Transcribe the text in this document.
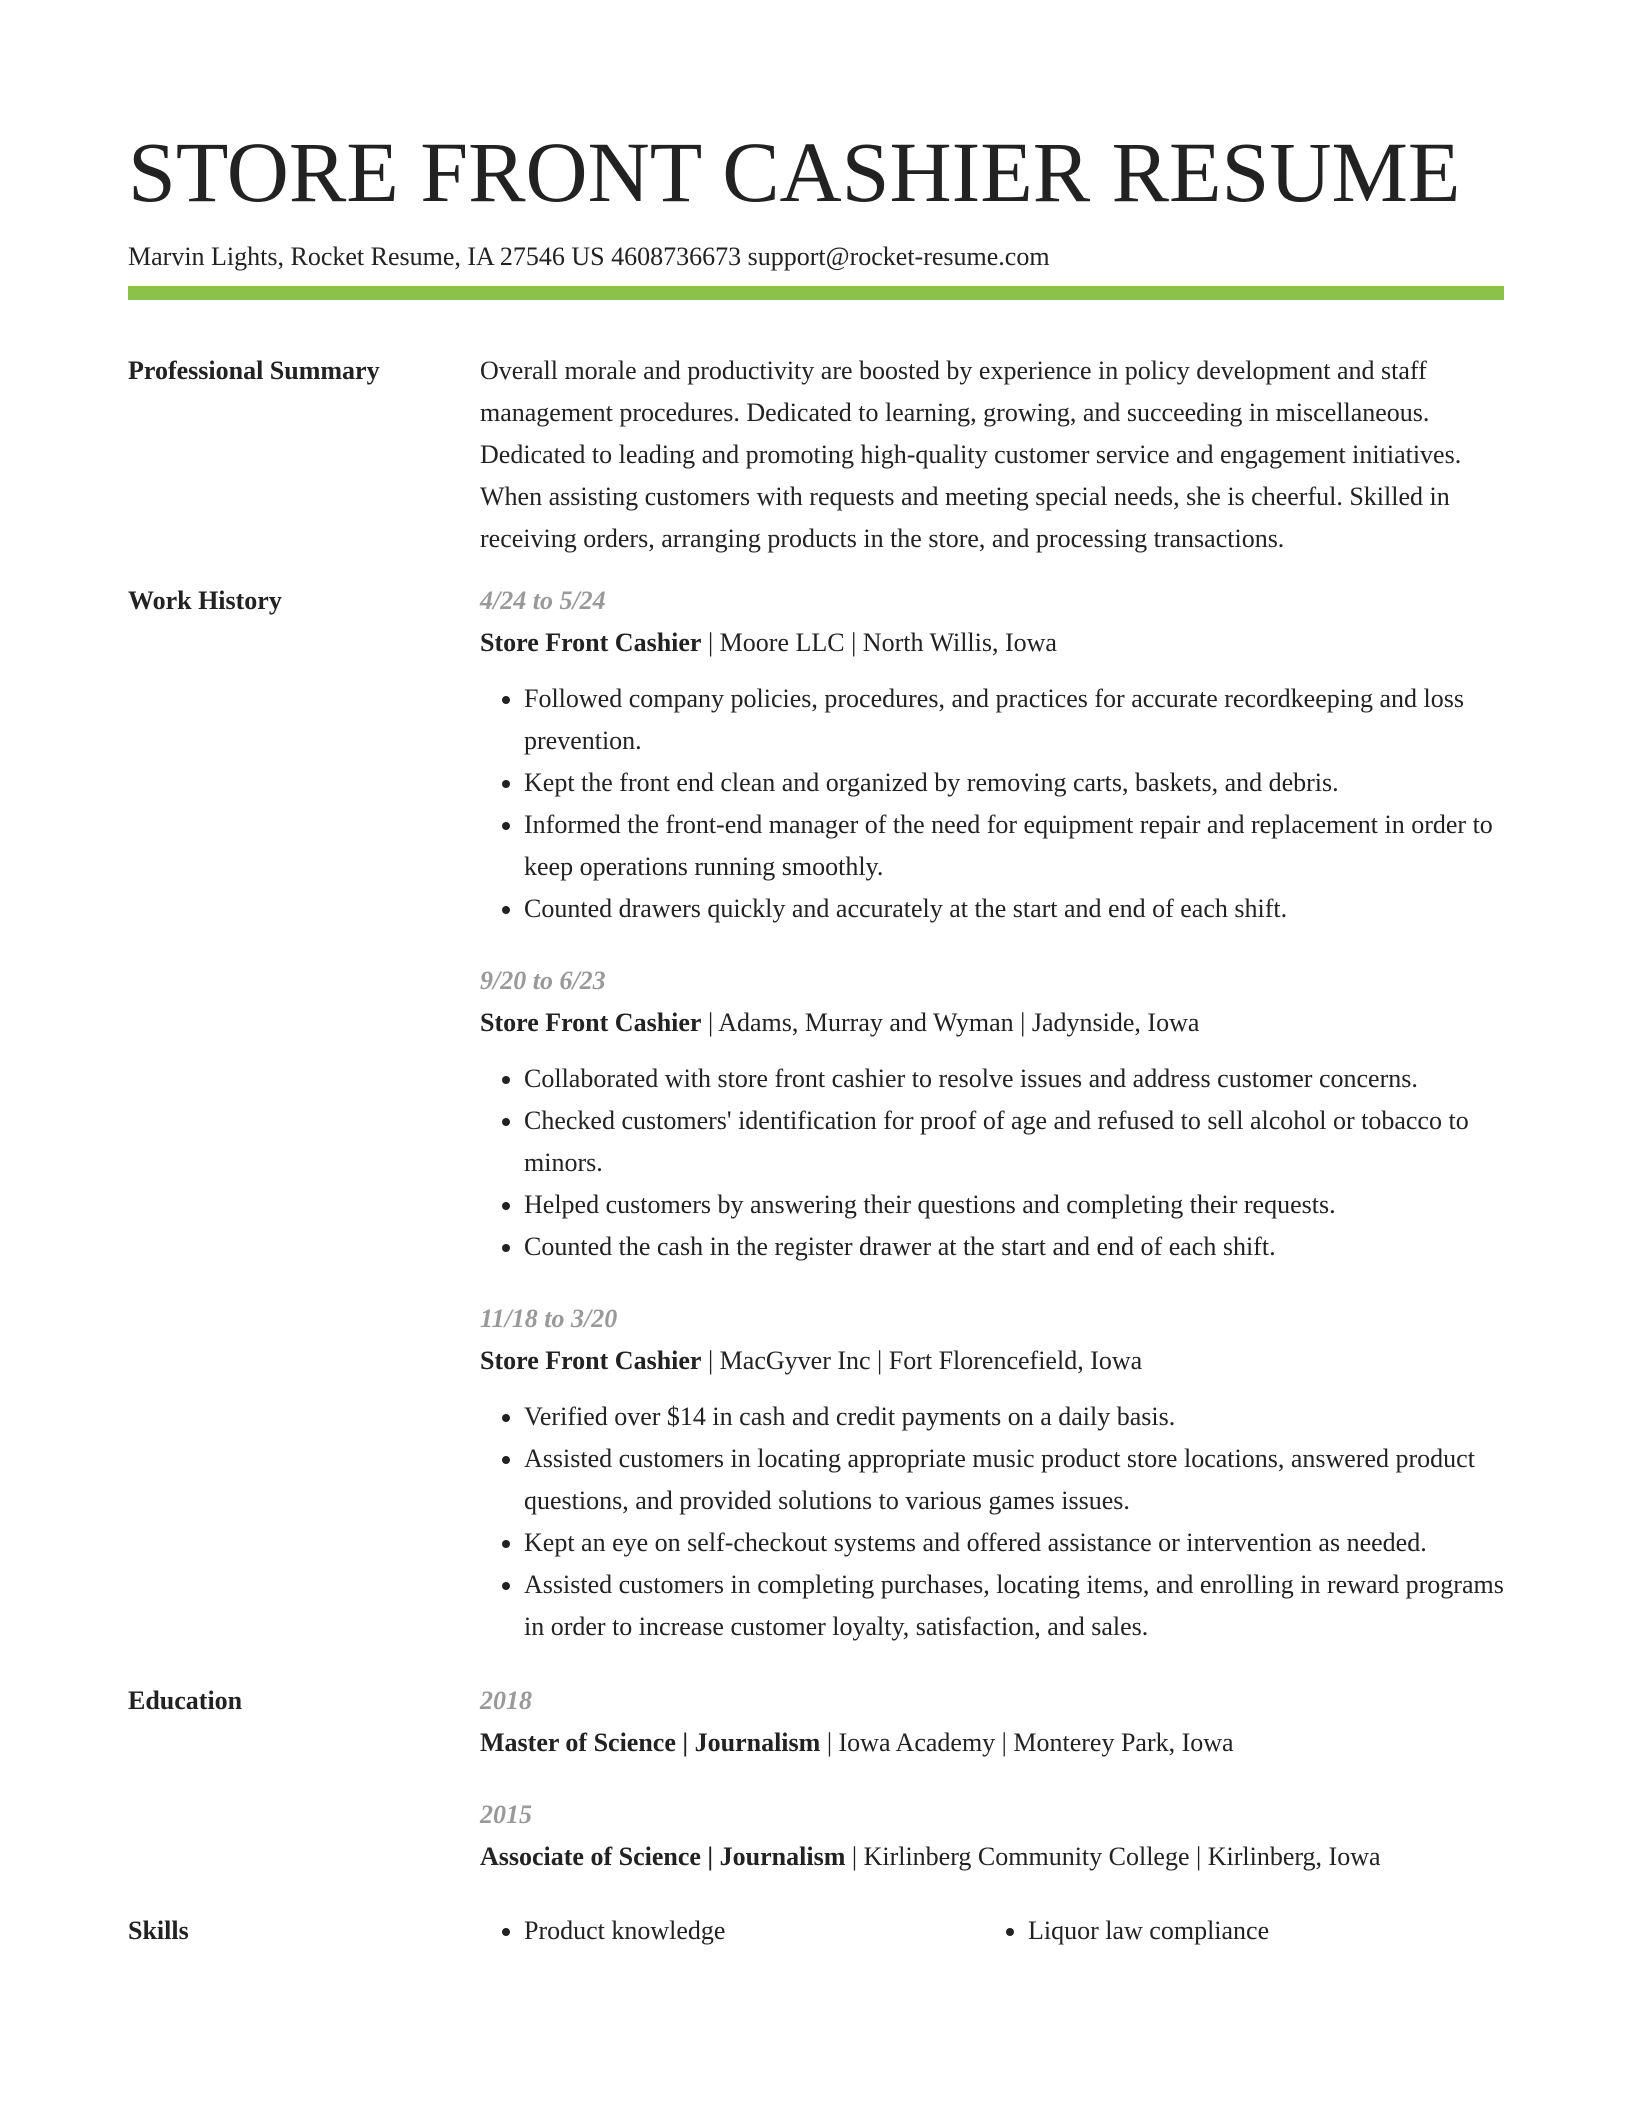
STORE FRONT CASHIER RESUME
Marvin Lights, Rocket Resume, IA 27546 US 4608736673 support@rocket-resume.com
Professional Summary	Overall morale and productivity are boosted by experience in policy development and staff management procedures. Dedicated to learning, growing, and succeeding in miscellaneous. Dedicated to leading and promoting high-quality customer service and engagement initiatives. When assisting customers with requests and meeting special needs, she is cheerful. Skilled in receiving orders, arranging products in the store, and processing transactions.

Work History	4/24 to 5/24
Store Front Cashier | Moore LLC | North Willis, Iowa
• Followed company policies, procedures, and practices for accurate recordkeeping and loss prevention.
• Kept the front end clean and organized by removing carts, baskets, and debris.
• Informed the front-end manager of the need for equipment repair and replacement in order to keep operations running smoothly.
• Counted drawers quickly and accurately at the start and end of each shift.
9/20 to 6/23
Store Front Cashier | Adams, Murray and Wyman | Jadynside, Iowa
• Collaborated with store front cashier to resolve issues and address customer concerns.
• Checked customers' identification for proof of age and refused to sell alcohol or tobacco to minors.
• Helped customers by answering their questions and completing their requests.
• Counted the cash in the register drawer at the start and end of each shift.
11/18 to 3/20
Store Front Cashier | MacGyver Inc | Fort Florencefield, Iowa
• Verified over $14 in cash and credit payments on a daily basis.
• Assisted customers in locating appropriate music product store locations, answered product questions, and provided solutions to various games issues.
• Kept an eye on self-checkout systems and offered assistance or intervention as needed.
• Assisted customers in completing purchases, locating items, and enrolling in reward programs in order to increase customer loyalty, satisfaction, and sales.
Education	2018
Master of Science | Journalism | Iowa Academy | Monterey Park, Iowa
2015
Associate of Science | Journalism | Kirlinberg Community College | Kirlinberg, Iowa
Skills	• Product knowledge	• Liquor law compliance
